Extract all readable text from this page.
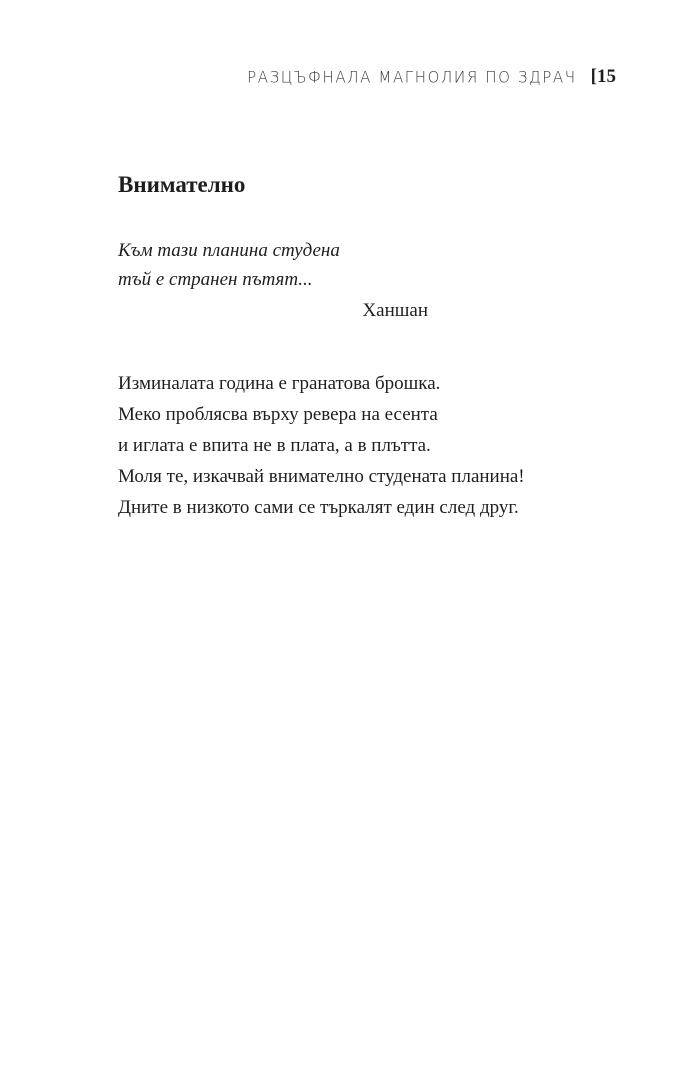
РАЗЦЪФНАЛА МАГНОЛИЯ ПО ЗДРАЧ [15
Внимателно
Към тази планина студена
тъй е странен пътят...
Ханшан
Изминалата година е гранатова брошка.
Меко проблясва върху ревера на есента
и иглата е впита не в плата, а в плътта.
Моля те, изкачвай внимателно студената планина!
Дните в низкото сами се търкалят един след друг.
